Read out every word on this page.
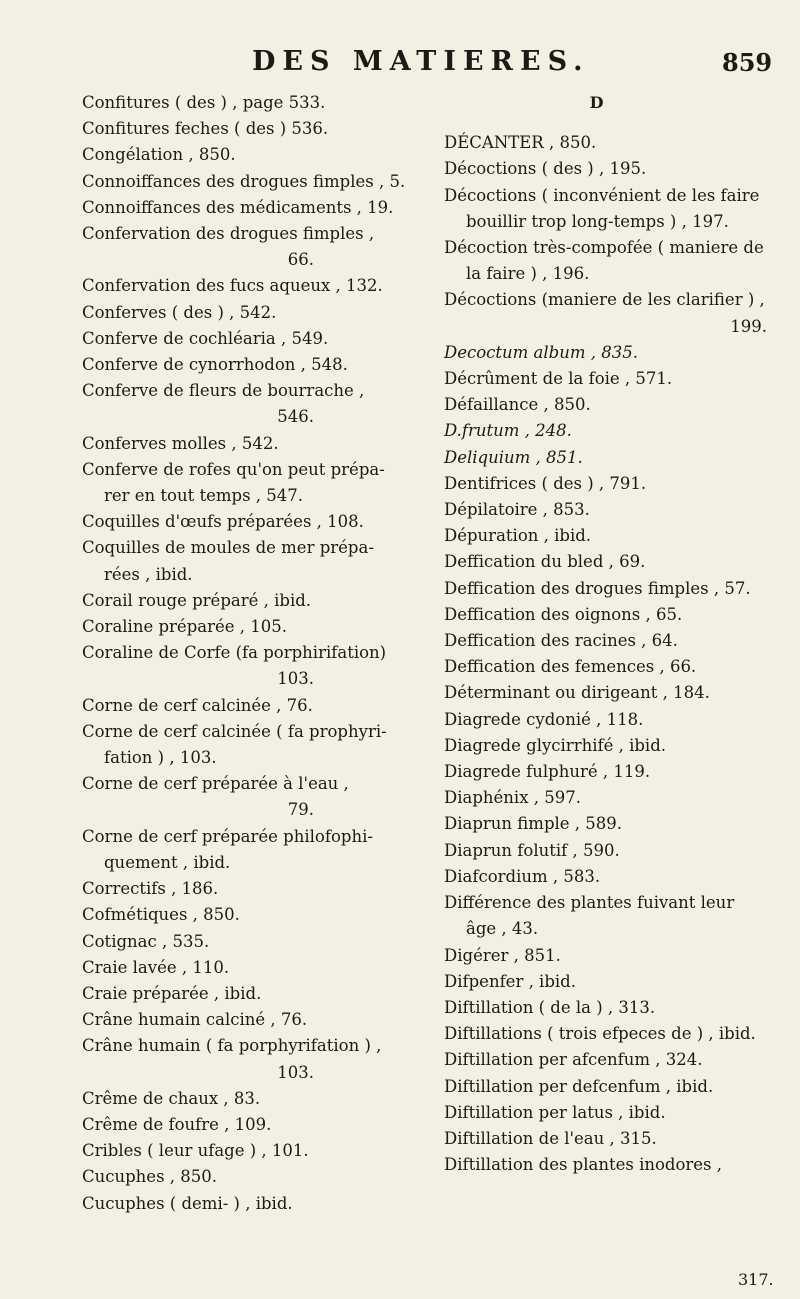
DES MATIERES.	859

Confitures ( des ) , page 533.

Confitures feches ( des ) 536.

Congélation , 850.

Connoiffances des drogues fimples , 5.

Connoiffances des médicaments , 19.

Confervation des drogues fimples ,

66.

Confervation des fucs aqueux , 132.

Conferves ( des ) , 542.

Conferve de cochléaria , 549.

Conferve de cynorrhodon , 548.

Conferve de fleurs de bourrache ,

546.

Conferves molles , 542.

Conferve de rofes qu'on peut prépa-

rer en tout temps , 547.

Coquilles d'œufs préparées , 108.

Coquilles de moules de mer prépa-

rées , ibid.

Corail rouge préparé , ibid.

Coraline préparée , 105.

Coraline de Corfe (fa porphirifation)

103.

Corne de cerf calcinée , 76.

Corne de cerf calcinée ( fa prophyri-

fation ) , 103.

Corne de cerf préparée à l'eau ,

79.

Corne de cerf préparée philofophi-

quement , ibid.

Correctifs , 186.

Cofmétiques , 850.

Cotignac , 535.

Craie lavée , 110.

Craie préparée , ibid.

Crâne humain calciné , 76.

Crâne humain ( fa porphyrifation ) ,

103.

Crême de chaux , 83.

Crême de foufre , 109.

Cribles ( leur ufage ) , 101.

Cucuphes , 850.

Cucuphes ( demi- ) , ibid.

D

DÉCANTER , 850.

Décoctions ( des ) , 195.

Décoctions ( inconvénient de les faire

bouillir trop long-temps ) , 197.

Décoction très-compofée ( maniere de

la faire ) , 196.

Décoctions (maniere de les clarifier ) ,

199.

Decoctum album , 835.

Décrûment de la foie , 571.

Défaillance , 850.

D.frutum , 248.

Deliquium , 851.

Dentifrices ( des ) , 791.

Dépilatoire , 853.

Dépuration , ibid.

Deffication du bled , 69.

Deffication des drogues fimples , 57.

Deffication des oignons , 65.

Deffication des racines , 64.

Deffication des femences , 66.

Déterminant ou dirigeant , 184.

Diagrede cydonié , 118.

Diagrede glycirrhifé , ibid.

Diagrede fulphuré , 119.

Diaphénix , 597.

Diaprun fimple , 589.

Diaprun folutif , 590.

Diafcordium , 583.

Différence des plantes fuivant leur

âge , 43.

Digérer , 851.

Difpenfer , ibid.

Diftillation ( de la ) , 313.

Diftillations ( trois efpeces de ) , ibid.

Diftillation per afcenfum , 324.

Diftillation per defcenfum , ibid.

Diftillation per latus , ibid.

Diftillation de l'eau , 315.

Diftillation des plantes inodores ,

317.
